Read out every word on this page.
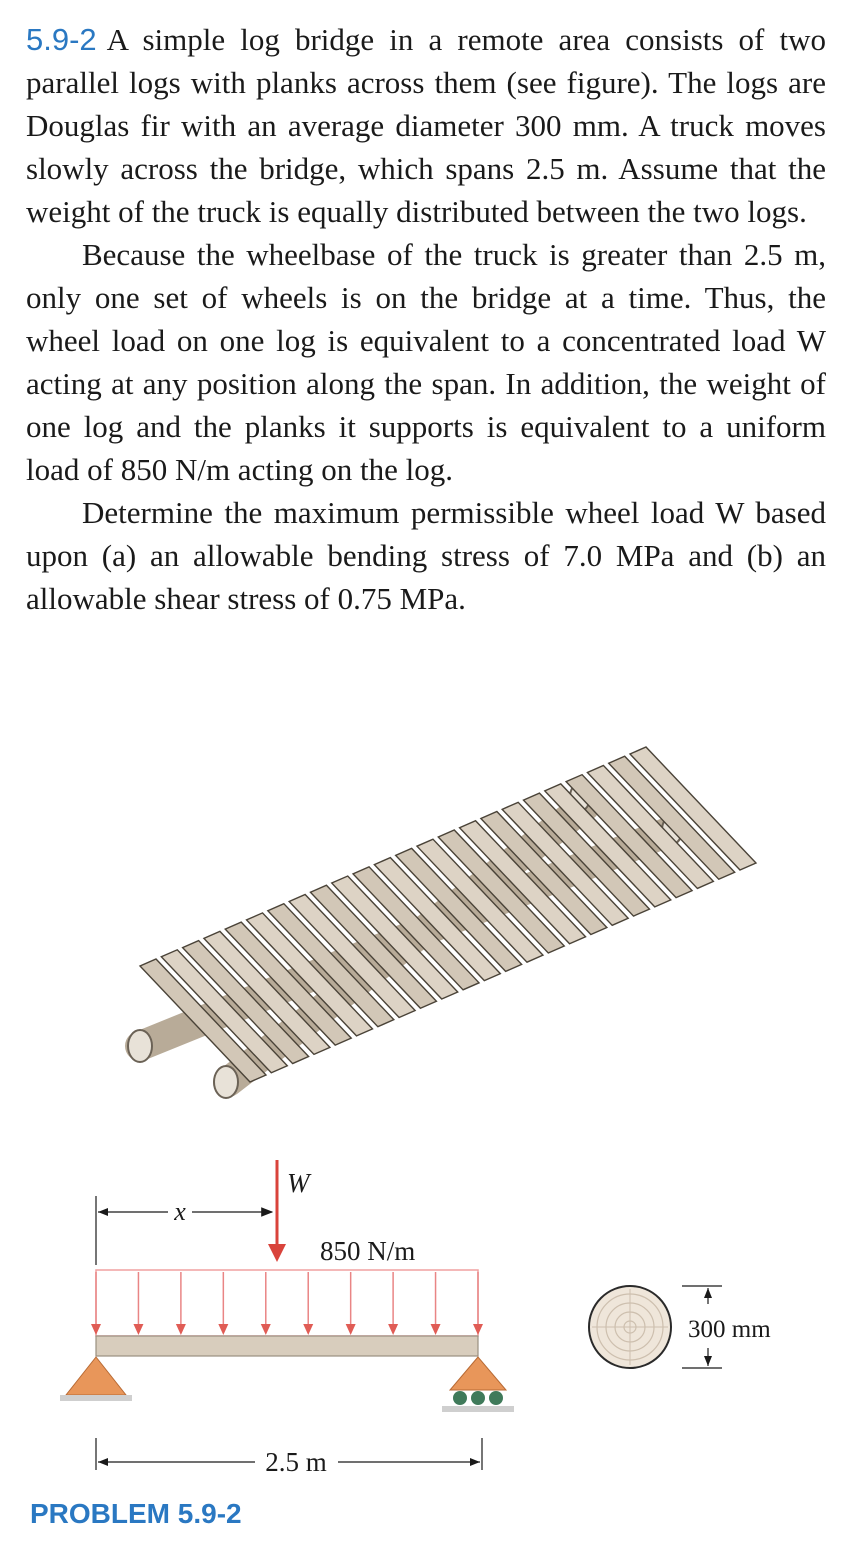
5.9-2 A simple log bridge in a remote area consists of two parallel logs with planks across them (see figure). The logs are Douglas fir with an average diameter 300 mm. A truck moves slowly across the bridge, which spans 2.5 m. Assume that the weight of the truck is equally distributed between the two logs.

Because the wheelbase of the truck is greater than 2.5 m, only one set of wheels is on the bridge at a time. Thus, the wheel load on one log is equivalent to a concentrated load W acting at any position along the span. In addition, the weight of one log and the planks it supports is equivalent to a uniform load of 850 N/m acting on the log.

Determine the maximum permissible wheel load W based upon (a) an allowable bending stress of 7.0 MPa and (b) an allowable shear stress of 0.75 MPa.

x
W
850 N/m
2.5 m
300 mm
PROBLEM 5.9-2
